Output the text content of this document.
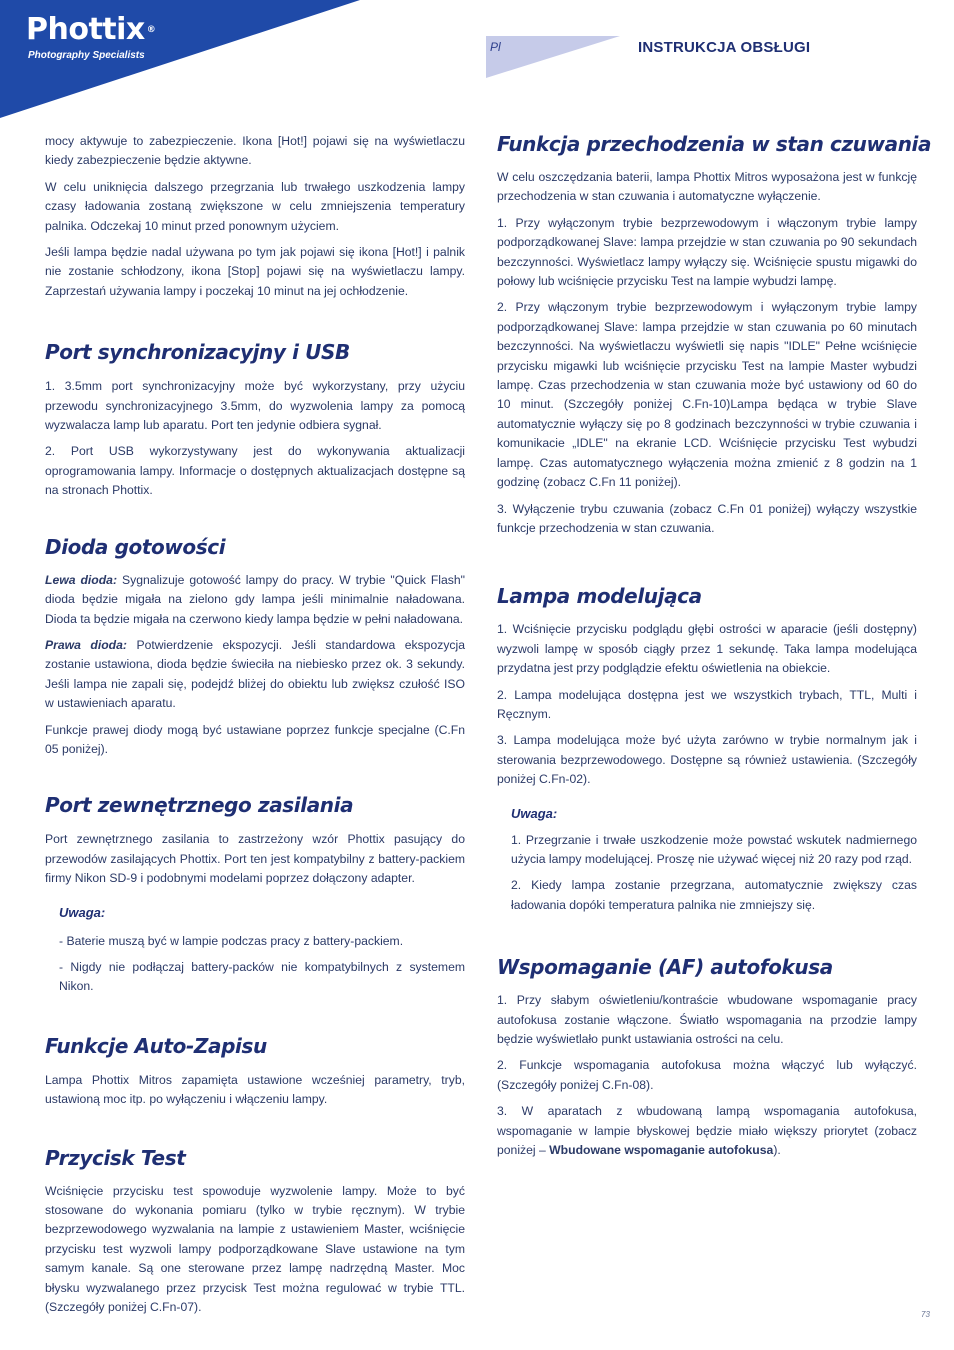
Phottix ®
Photography Specialists
Pl	INSTRUKCJA OBSŁUGI

mocy aktywuje to zabezpieczenie. Ikona [Hot!] pojawi się na wyświetlaczu kiedy zabezpieczenie będzie aktywne.

W celu uniknięcia dalszego przegrzania lub trwałego uszkodzenia lampy czasy ładowania zostaną zwiększone w celu zmniejszenia temperatury palnika. Odczekaj 10 minut przed ponownym użyciem.

Jeśli lampa będzie nadal używana po tym jak pojawi się ikona [Hot!] i palnik nie zostanie schłodzony, ikona [Stop] pojawi się na wyświetlaczu lampy. Zaprzestań używania lampy i poczekaj 10 minut na jej ochłodzenie.

Port synchronizacyjny i USB

1. 3.5mm port synchronizacyjny może być wykorzystany, przy użyciu przewodu synchronizacyjnego 3.5mm, do wyzwolenia lampy za pomocą wyzwalacza lamp lub aparatu. Port ten jedynie odbiera sygnał.

2. Port USB wykorzystywany jest do wykonywania aktualizacji oprogramowania lampy. Informacje o dostępnych aktualizacjach dostępne są na stronach Phottix.

Dioda gotowości

Lewa dioda: Sygnalizuje gotowość lampy do pracy. W trybie "Quick Flash" dioda będzie migała na zielono gdy lampa jeśli minimalnie naładowana. Dioda ta będzie migała na czerwono kiedy lampa będzie w pełni naładowana.

Prawa dioda: Potwierdzenie ekspozycji. Jeśli standardowa ekspozycja zostanie ustawiona, dioda będzie świeciła na niebiesko przez ok. 3 sekundy. Jeśli lampa nie zapali się, podejdź bliżej do obiektu lub zwiększ czułość ISO w ustawieniach aparatu.

Funkcje prawej diody mogą być ustawiane poprzez funkcje specjalne (C.Fn 05 poniżej).

Port zewnętrznego zasilania

Port zewnętrznego zasilania to zastrzeżony wzór Phottix pasujący do przewodów zasilających Phottix. Port ten jest kompatybilny z battery-packiem firmy Nikon SD-9 i podobnymi modelami poprzez dołączony adapter.

Uwaga:

- Baterie muszą być w lampie podczas pracy z battery-packiem.

- Nigdy nie podłączaj battery-packów nie kompatybilnych z systemem Nikon.

Funkcje Auto-Zapisu

Lampa Phottix Mitros zapamięta ustawione wcześniej parametry, tryb, ustawioną moc itp. po wyłączeniu i włączeniu lampy.

Przycisk Test

Wciśnięcie przycisku test spowoduje wyzwolenie lampy. Może to być stosowane do wykonania pomiaru (tylko w trybie ręcznym). W trybie bezprzewodowego wyzwalania na lampie z ustawieniem Master, wciśnięcie przycisku test wyzwoli lampy podporządkowane Slave ustawione na tym samym kanale. Są one sterowane przez lampę nadrzędną Master. Moc błysku wyzwalanego przez przycisk Test można regulować w trybie TTL. (Szczegóły poniżej C.Fn-07).

Funkcja przechodzenia w stan czuwania

W celu oszczędzania baterii, lampa Phottix Mitros wyposażona jest w funkcję przechodzenia w stan czuwania i automatyczne wyłączenie.

1. Przy wyłączonym trybie bezprzewodowym i włączonym trybie lampy podporządkowanej Slave: lampa przejdzie w stan czuwania po 90 sekundach bezczynności. Wyświetlacz lampy wyłączy się. Wciśnięcie spustu migawki do połowy lub wciśnięcie przycisku Test na lampie wybudzi lampę.

2. Przy włączonym trybie bezprzewodowym i wyłączonym trybie lampy podporządkowanej Slave: lampa przejdzie w stan czuwania po 60 minutach bezczynności. Na wyświetlaczu wyświetli się napis "IDLE" Pełne wciśnięcie przycisku migawki lub wciśnięcie przycisku Test na lampie Master wybudzi lampę. Czas przechodzenia w stan czuwania może być ustawiony od 60 do 10 minut. (Szczegóły poniżej C.Fn-10)Lampa będąca w trybie Slave automatycznie wyłączy się po 8 godzinach bezczynności w trybie czuwania i komunikacie „IDLE" na ekranie LCD. Wciśnięcie przycisku Test wybudzi lampę. Czas automatycznego wyłączenia można zmienić z 8 godzin na 1 godzinę (zobacz C.Fn 11 poniżej).

3. Wyłączenie trybu czuwania (zobacz C.Fn 01 poniżej) wyłączy wszystkie funkcje przechodzenia w stan czuwania.

Lampa modelująca

1. Wciśnięcie przycisku podglądu głębi ostrości w aparacie (jeśli dostępny) wyzwoli lampę w sposób ciągły przez 1 sekundę. Taka lampa modelująca przydatna jest przy podglądzie efektu oświetlenia na obiekcie.

2. Lampa modelująca dostępna jest we wszystkich trybach, TTL, Multi i Ręcznym.

3. Lampa modelująca może być użyta zarówno w trybie normalnym jak i sterowania bezprzewodowego. Dostępne są również ustawienia. (Szczegóły poniżej C.Fn-02).

Uwaga:

1. Przegrzanie i trwałe uszkodzenie może powstać wskutek nadmiernego użycia lampy modelującej. Proszę nie używać więcej niż 20 razy pod rząd.

2. Kiedy lampa zostanie przegrzana, automatycznie zwiększy czas ładowania dopóki temperatura palnika nie zmniejszy się.

Wspomaganie (AF) autofokusa

1. Przy słabym oświetleniu/kontraście wbudowane wspomaganie pracy autofokusa zostanie włączone. Światło wspomagania na przodzie lampy będzie wyświetlało punkt ustawiania ostrości na celu.

2. Funkcje wspomagania autofokusa można włączyć lub wyłączyć. (Szczegóły poniżej C.Fn-08).

3. W aparatach z wbudowaną lampą wspomagania autofokusa, wspomaganie w lampie błyskowej będzie miało większy priorytet (zobacz poniżej – Wbudowane wspomaganie autofokusa).

73
